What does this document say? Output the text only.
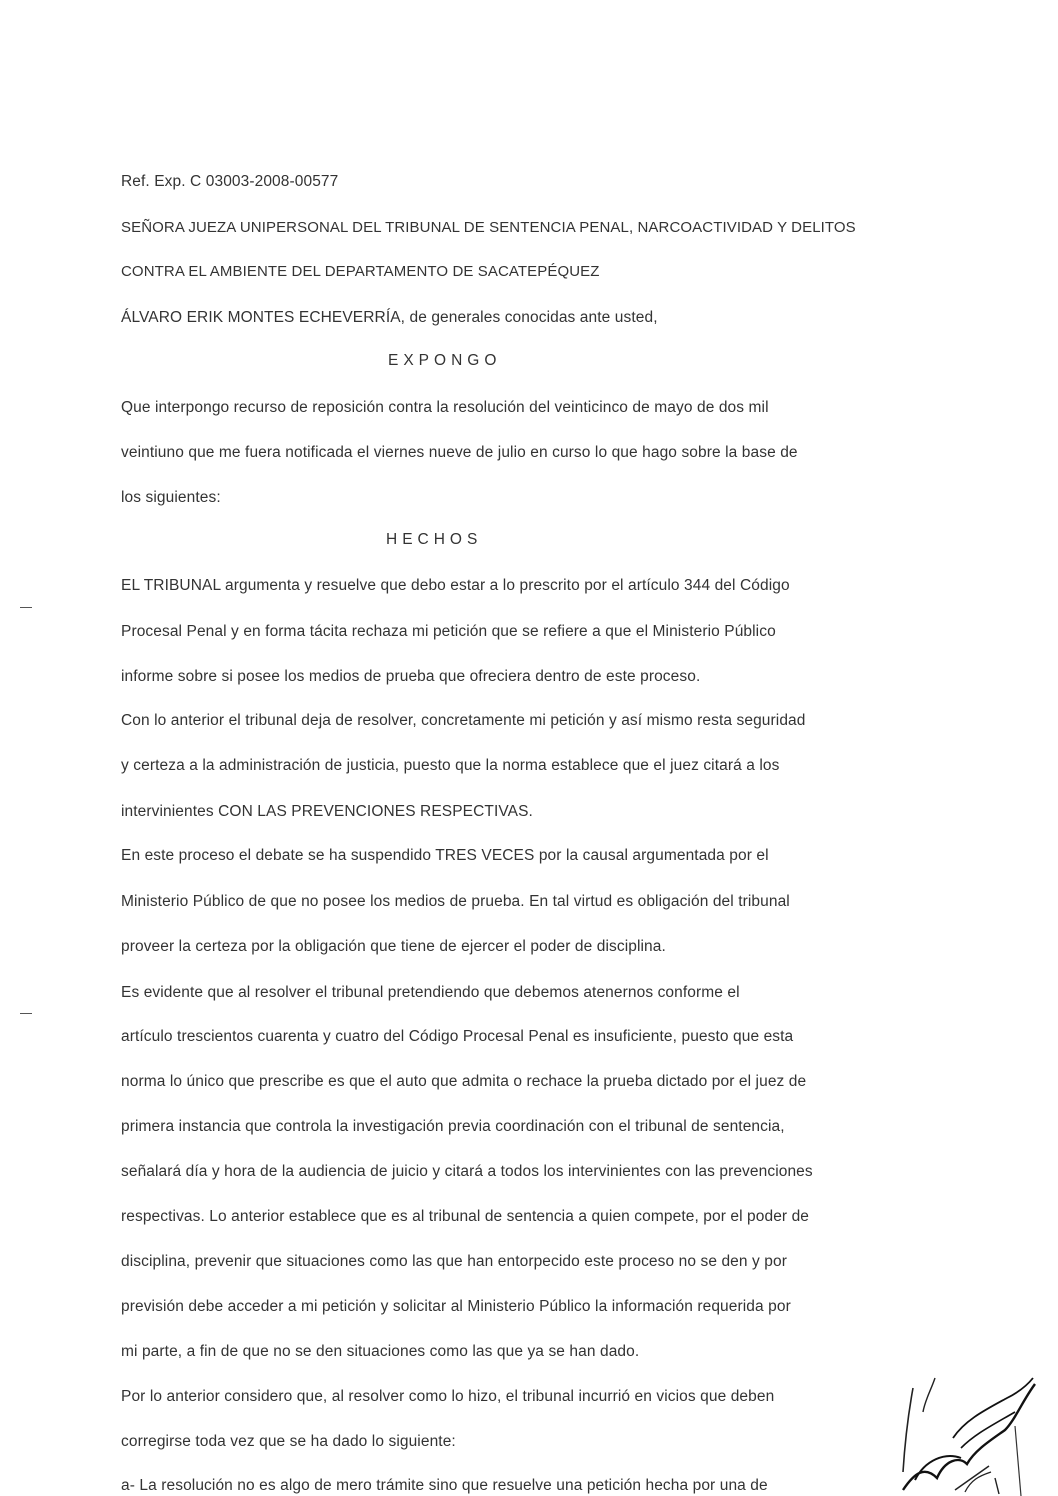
Ref. Exp. C 03003-2008-00577
SEÑORA JUEZA UNIPERSONAL DEL TRIBUNAL DE SENTENCIA PENAL, NARCOACTIVIDAD Y DELITOS
CONTRA EL AMBIENTE DEL DEPARTAMENTO DE SACATEPÉQUEZ
ÁLVARO ERIK MONTES ECHEVERRÍA, de generales conocidas ante usted,
EXPONGO
Que interpongo recurso de reposición contra la resolución del veinticinco de mayo de dos mil
veintiuno que me fuera notificada el viernes nueve de julio en curso lo que hago sobre la base de
los siguientes:
HECHOS
EL TRIBUNAL argumenta y resuelve que debo estar a lo prescrito por el artículo 344 del Código
Procesal Penal y en forma tácita rechaza mi petición que se refiere a que el Ministerio Público
informe sobre si posee los medios de prueba que ofreciera dentro de este proceso.
Con lo anterior el tribunal deja de resolver, concretamente mi petición y así mismo resta seguridad
y certeza a la administración de justicia, puesto que la norma establece que el juez citará a los
intervinientes CON LAS PREVENCIONES RESPECTIVAS.
En este proceso el debate se ha suspendido TRES VECES por la causal argumentada por el
Ministerio Público de que no posee los medios de prueba. En tal virtud es obligación del tribunal
proveer la certeza por la obligación que tiene de ejercer el poder de disciplina.
Es evidente que al resolver el tribunal pretendiendo que debemos atenernos conforme el
artículo trescientos cuarenta y cuatro del Código Procesal Penal es insuficiente, puesto que esta
norma lo único que prescribe es que el auto que admita o rechace la prueba dictado por el juez de
primera instancia que controla la investigación previa coordinación con el tribunal de sentencia,
señalará día y hora de la audiencia de juicio y citará a todos los intervinientes con las prevenciones
respectivas. Lo anterior establece que es al tribunal de sentencia a quien compete, por el poder de
disciplina, prevenir que situaciones como las que han entorpecido este proceso no se den y por
previsión debe acceder a mi petición y solicitar al Ministerio Público la información requerida por
mi parte, a fin de que no se den situaciones como las que ya se han dado.
Por lo anterior considero que, al resolver como lo hizo, el tribunal incurrió en vicios que deben
corregirse toda vez que se ha dado lo siguiente:
a- La resolución no es algo de mero trámite sino que resuelve una petición hecha por una de
